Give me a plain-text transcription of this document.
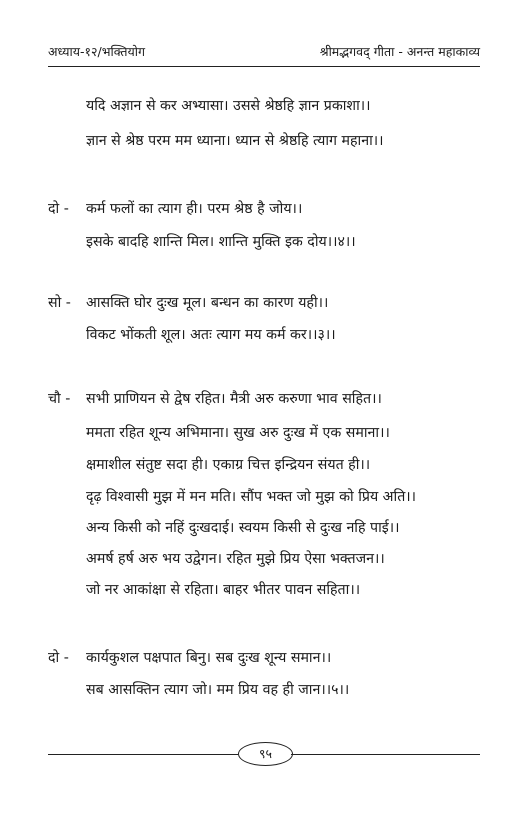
अध्याय-१२/भक्तियोग	श्रीमद्भगवद् गीता - अनन्त महाकाव्य
यदि अज्ञान से कर अभ्यासा। उससे श्रेष्ठहि ज्ञान प्रकाशा।।
ज्ञान से श्रेष्ठ परम मम ध्याना। ध्यान से श्रेष्ठहि त्याग महाना।।
दो - कर्म फलों का त्याग ही। परम श्रेष्ठ है जोय।।
इसके बादहि शान्ति मिल। शान्ति मुक्ति इक दोय।।४।।
सो - आसक्ति घोर दुःख मूल। बन्धन का कारण यही।।
विकट भोंकती शूल। अतः त्याग मय कर्म कर।।३।।
चौ - सभी प्राणियन से द्वेष रहित। मैत्री अरु करुणा भाव सहित।।
ममता रहित शून्य अभिमाना। सुख अरु दुःख में एक समाना।।
क्षमाशील संतुष्ट सदा ही। एकाग्र चित्त इन्द्रियन संयत ही।।
दृढ़ विश्वासी मुझ में मन मति। सौंप भक्त जो मुझ को प्रिय अति।।
अन्य किसी को नहिं दुःखदाई। स्वयम किसी से दुःख नहि पाई।।
अमर्ष हर्ष अरु भय उद्वेगन। रहित मुझे प्रिय ऐसा भक्तजन।।
जो नर आकांक्षा से रहिता। बाहर भीतर पावन सहिता।।
दो - कार्यकुशल पक्षपात बिनु। सब दुःख शून्य समान।।
सब आसक्तिन त्याग जो। मम प्रिय वह ही जान।।५।।
९५
